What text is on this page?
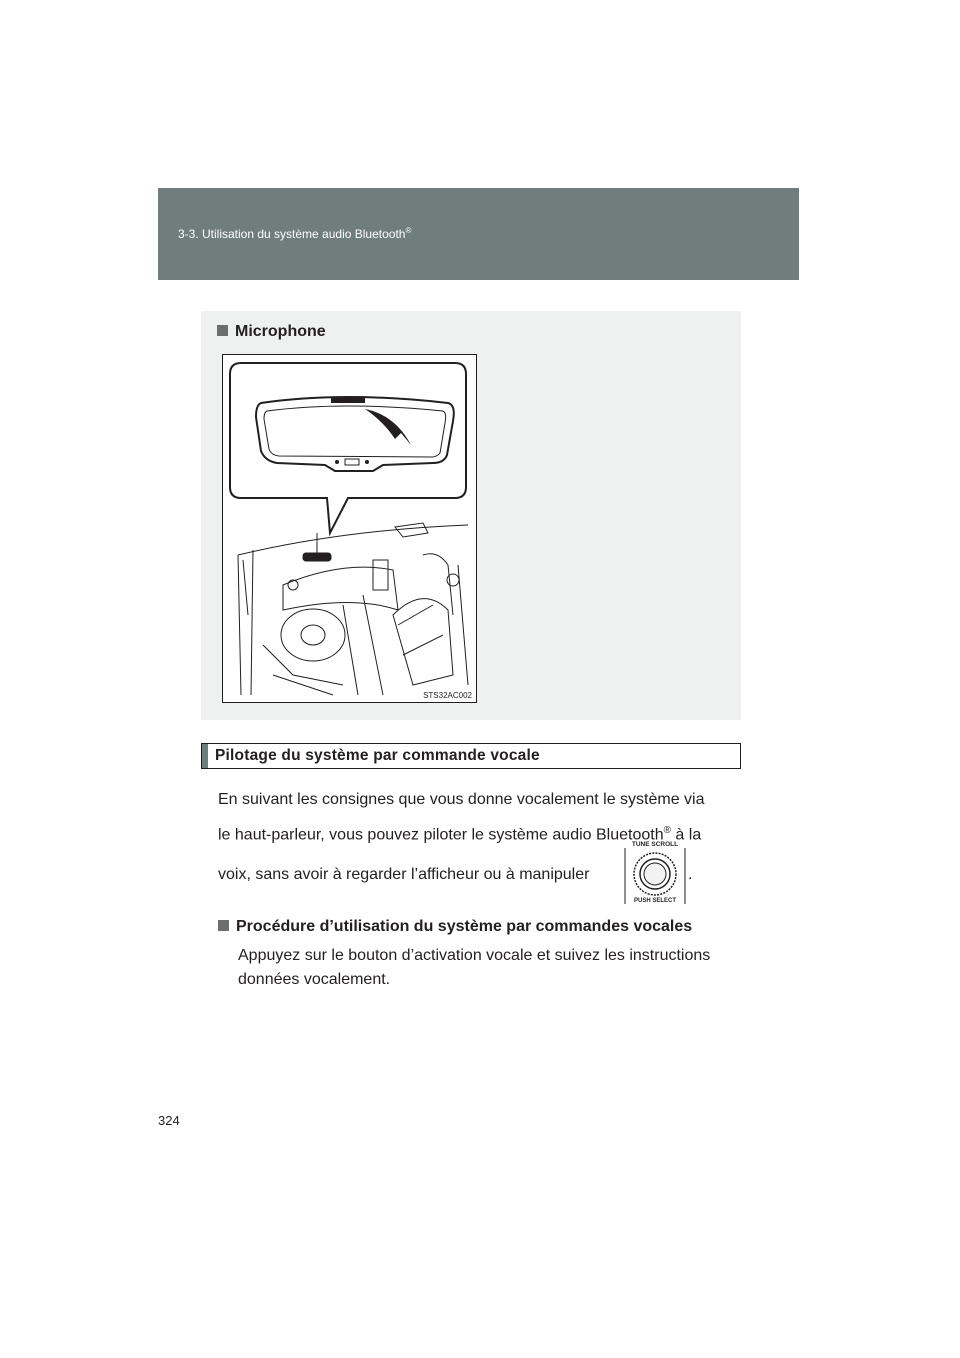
3-3. Utilisation du système audio Bluetooth®
Microphone
STS32AC002
Pilotage du système par commande vocale
En suivant les consignes que vous donne vocalement le système via
le haut-parleur, vous pouvez piloter le système audio Bluetooth® à la
voix, sans avoir à regarder l’afficheur ou à manipuler
TUNE SCROLL
PUSH SELECT
.
Procédure d’utilisation du système par commandes vocales
Appuyez sur le bouton d’activation vocale et suivez les instructions données vocalement.
324
